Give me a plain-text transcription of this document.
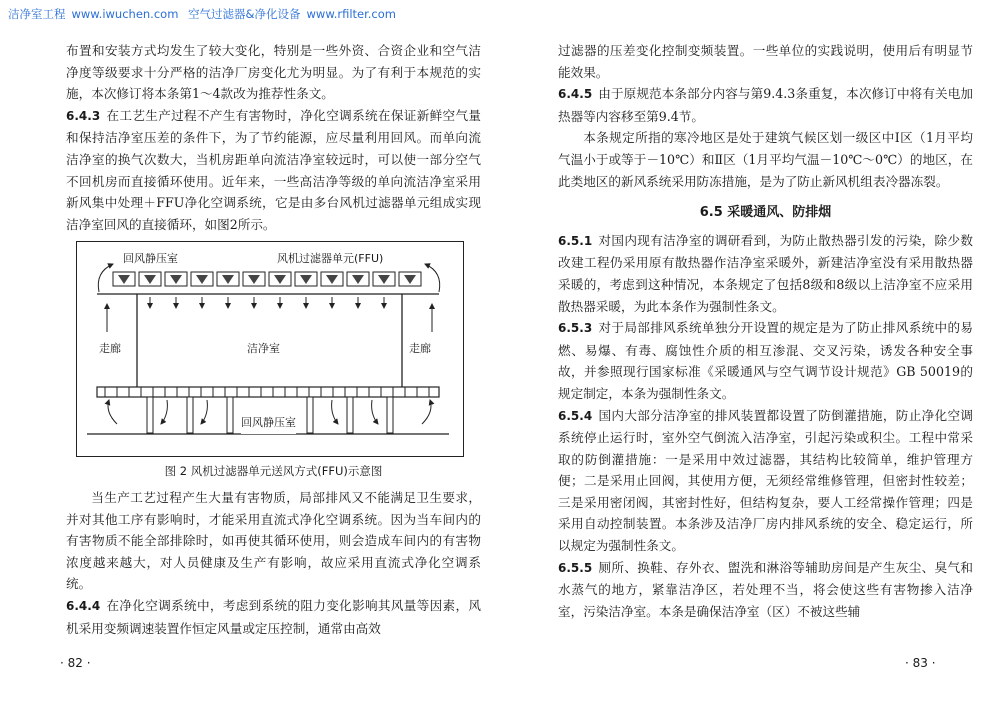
洁净室工程 www.iwuchen.com 空气过滤器&净化设备 www.rfilter.com

布置和安装方式均发生了较大变化，特别是一些外资、合资企业和空气洁净度等级要求十分严格的洁净厂房变化尤为明显。为了有利于本规范的实施，本次修订将本条第1～4款改为推荐性条文。

6.4.3 在工艺生产过程不产生有害物时，净化空调系统在保证新鲜空气量和保持洁净室压差的条件下，为了节约能源，应尽量利用回风。而单向流洁净室的换气次数大，当机房距单向流洁净室较远时，可以使一部分空气不回机房而直接循环使用。近年来，一些高洁净等级的单向流洁净室采用新风集中处理＋FFU净化空调系统，它是由多台风机过滤器单元组成实现洁净室回风的直接循环，如图2所示。

回风静压室	风机过滤器单元(FFU)
走廊	洁净室	走廊
回风静压室
图 2 风机过滤器单元送风方式(FFU)示意图

当生产工艺过程产生大量有害物质，局部排风又不能满足卫生要求，并对其他工序有影响时，才能采用直流式净化空调系统。因为当车间内的有害物质不能全部排除时，如再使其循环使用，则会造成车间内的有害物浓度越来越大，对人员健康及生产有影响，故应采用直流式净化空调系统。

6.4.4 在净化空调系统中，考虑到系统的阻力变化影响其风量等因素，风机采用变频调速装置作恒定风量或定压控制，通常由高效

· 82 ·

过滤器的压差变化控制变频装置。一些单位的实践说明，使用后有明显节能效果。

6.4.5 由于原规范本条部分内容与第9.4.3条重复，本次修订中将有关电加热器等内容移至第9.4节。

本条规定所指的寒冷地区是处于建筑气候区划一级区中Ⅰ区（1月平均气温小于或等于－10℃）和Ⅱ区（1月平均气温－10℃～0℃）的地区，在此类地区的新风系统采用防冻措施，是为了防止新风机组表冷器冻裂。

6.5 采暖通风、防排烟

6.5.1 对国内现有洁净室的调研看到，为防止散热器引发的污染，除少数改建工程仍采用原有散热器作洁净室采暖外，新建洁净室没有采用散热器采暖的，考虑到这种情况，本条规定了包括8级和8级以上洁净室不应采用散热器采暖，为此本条作为强制性条文。

6.5.3 对于局部排风系统单独分开设置的规定是为了防止排风系统中的易燃、易爆、有毒、腐蚀性介质的相互渗混、交叉污染，诱发各种安全事故，并参照现行国家标准《采暖通风与空气调节设计规范》GB 50019的规定制定，本条为强制性条文。

6.5.4 国内大部分洁净室的排风装置都设置了防倒灌措施，防止净化空调系统停止运行时，室外空气倒流入洁净室，引起污染或积尘。工程中常采取的防倒灌措施：一是采用中效过滤器，其结构比较简单，维护管理方便；二是采用止回阀，其使用方便，无须经常维修管理，但密封性较差；三是采用密闭阀，其密封性好，但结构复杂，要人工经常操作管理；四是采用自动控制装置。本条涉及洁净厂房内排风系统的安全、稳定运行，所以规定为强制性条文。

6.5.5 厕所、换鞋、存外衣、盥洗和淋浴等辅助房间是产生灰尘、臭气和水蒸气的地方，紧靠洁净区，若处理不当，将会使这些有害物掺入洁净室，污染洁净室。本条是确保洁净室（区）不被这些辅

· 83 ·
